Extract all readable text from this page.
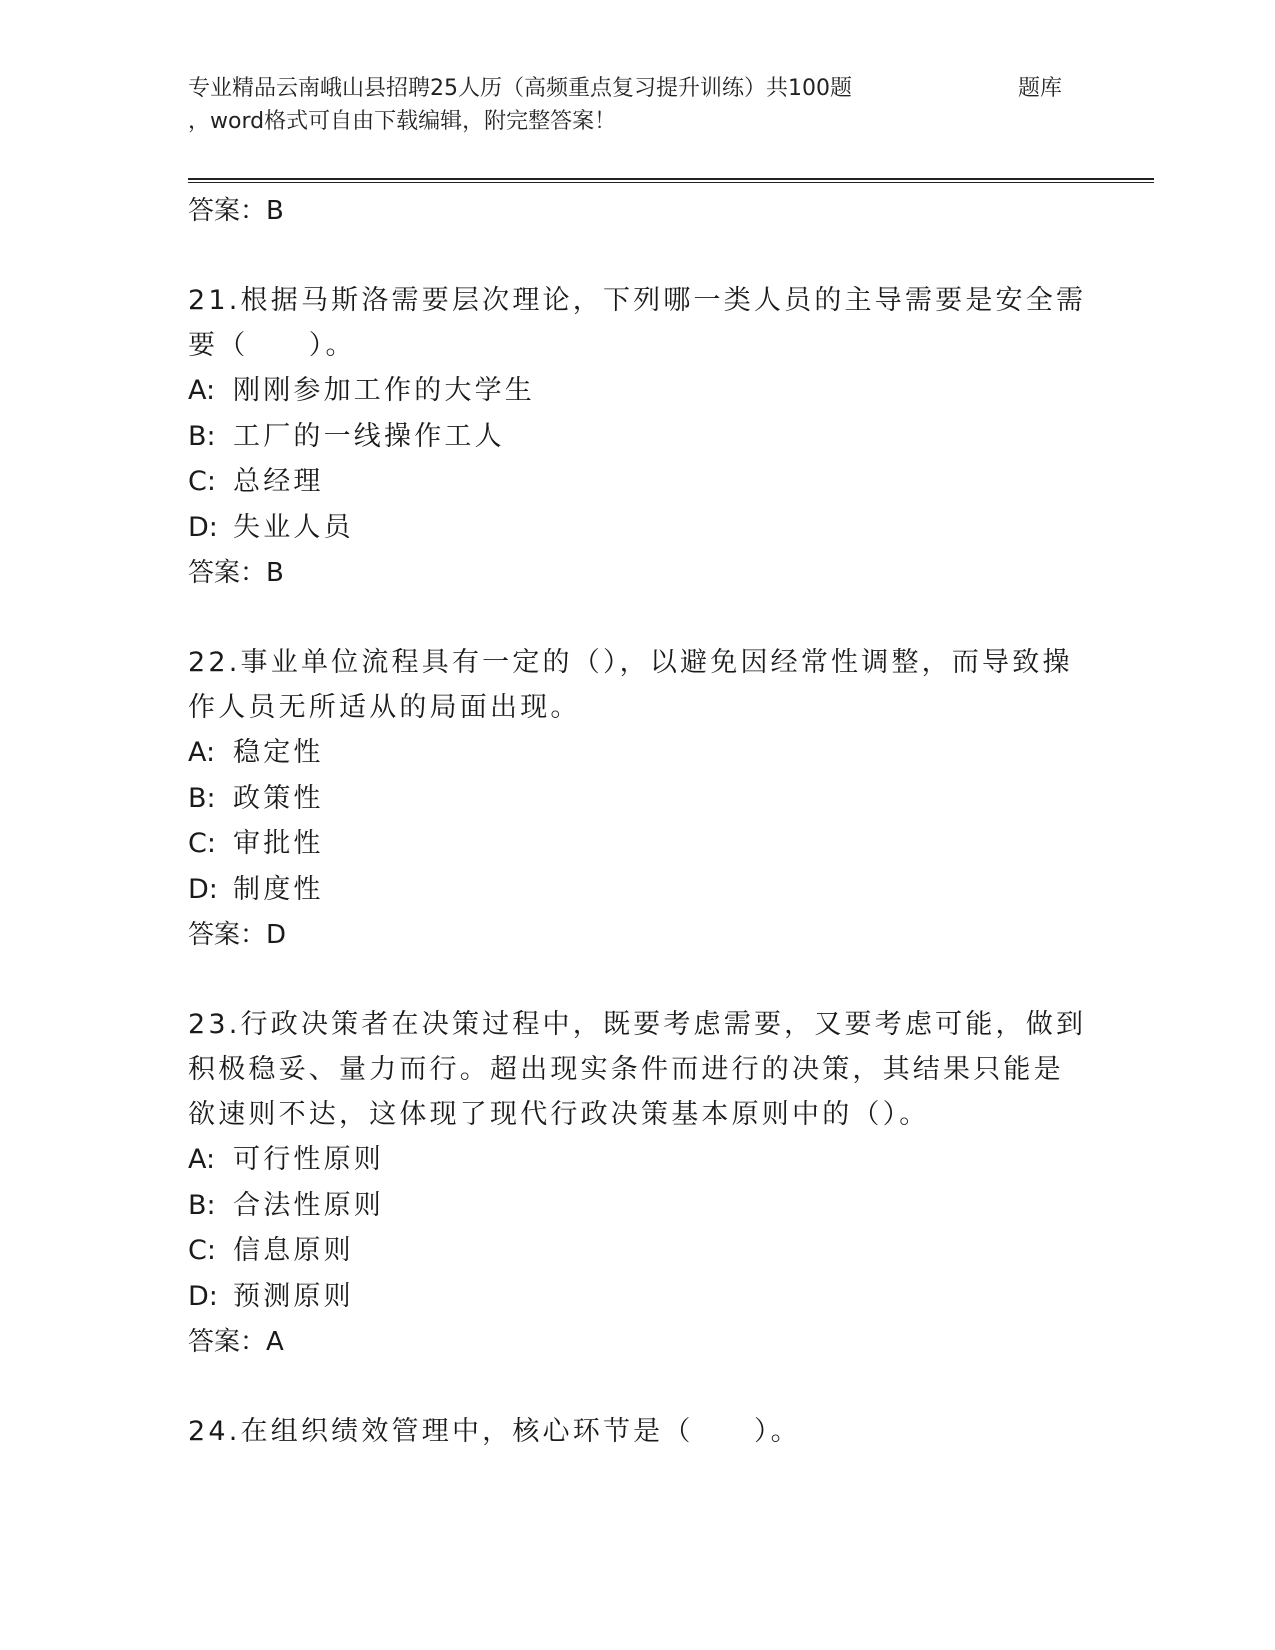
专业精品云南峨山县招聘25人历（高频重点复习提升训练）共100题	题库
，word格式可自由下载编辑，附完整答案！

答案：B

21.根据马斯洛需要层次理论，下列哪一类人员的主导需要是安全需要（　　）。

A: 刚刚参加工作的大学生

B: 工厂的一线操作工人

C: 总经理

D: 失业人员

答案：B

22.事业单位流程具有一定的（），以避免因经常性调整，而导致操作人员无所适从的局面出现。

A: 稳定性

B: 政策性

C: 审批性

D: 制度性

答案：D

23.行政决策者在决策过程中，既要考虑需要，又要考虑可能，做到积极稳妥、量力而行。超出现实条件而进行的决策，其结果只能是欲速则不达，这体现了现代行政决策基本原则中的（）。

A: 可行性原则

B: 合法性原则

C: 信息原则

D: 预测原则

答案：A

24.在组织绩效管理中，核心环节是（　　）。
